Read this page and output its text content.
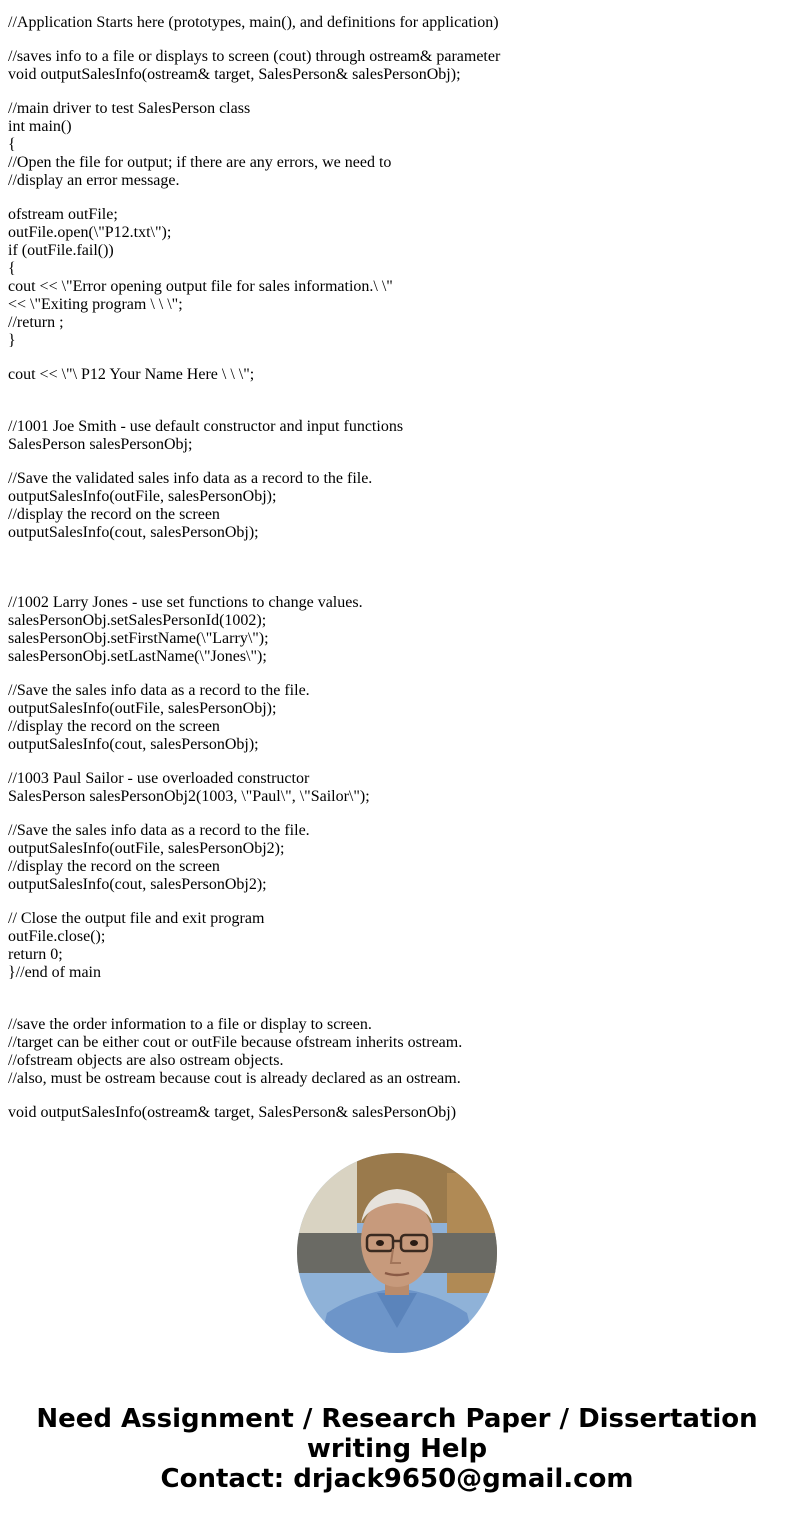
//Application Starts here (prototypes, main(), and definitions for application)
//saves info to a file or displays to screen (cout) through ostream& parameter
void outputSalesInfo(ostream& target, SalesPerson& salesPersonObj);
//main driver to test SalesPerson class
int main()
{
//Open the file for output; if there are any errors, we need to
//display an error message.
ofstream outFile;
outFile.open(\"P12.txt\");
if (outFile.fail())
{
cout << \"Error opening output file for sales information.\ \"
<< \"Exiting program \ \ \";
//return ;
}
cout << \"\ P12 Your Name Here \ \ \";
//1001 Joe Smith - use default constructor and input functions
SalesPerson salesPersonObj;
//Save the validated sales info data as a record to the file.
outputSalesInfo(outFile, salesPersonObj);
//display the record on the screen
outputSalesInfo(cout, salesPersonObj);
//1002 Larry Jones - use set functions to change values.
salesPersonObj.setSalesPersonId(1002);
salesPersonObj.setFirstName(\"Larry\");
salesPersonObj.setLastName(\"Jones\");
//Save the sales info data as a record to the file.
outputSalesInfo(outFile, salesPersonObj);
//display the record on the screen
outputSalesInfo(cout, salesPersonObj);
//1003 Paul Sailor - use overloaded constructor
SalesPerson salesPersonObj2(1003, \"Paul\", \"Sailor\");
//Save the sales info data as a record to the file.
outputSalesInfo(outFile, salesPersonObj2);
//display the record on the screen
outputSalesInfo(cout, salesPersonObj2);
// Close the output file and exit program
outFile.close();
return 0;
}//end of main
//save the order information to a file or display to screen.
//target can be either cout or outFile because ofstream inherits ostream.
//ofstream objects are also ostream objects.
//also, must be ostream because cout is already declared as an ostream.
void outputSalesInfo(ostream& target, SalesPerson& salesPersonObj)
Need Assignment / Research Paper / Dissertation
writing Help
Contact: drjack9650@gmail.com
